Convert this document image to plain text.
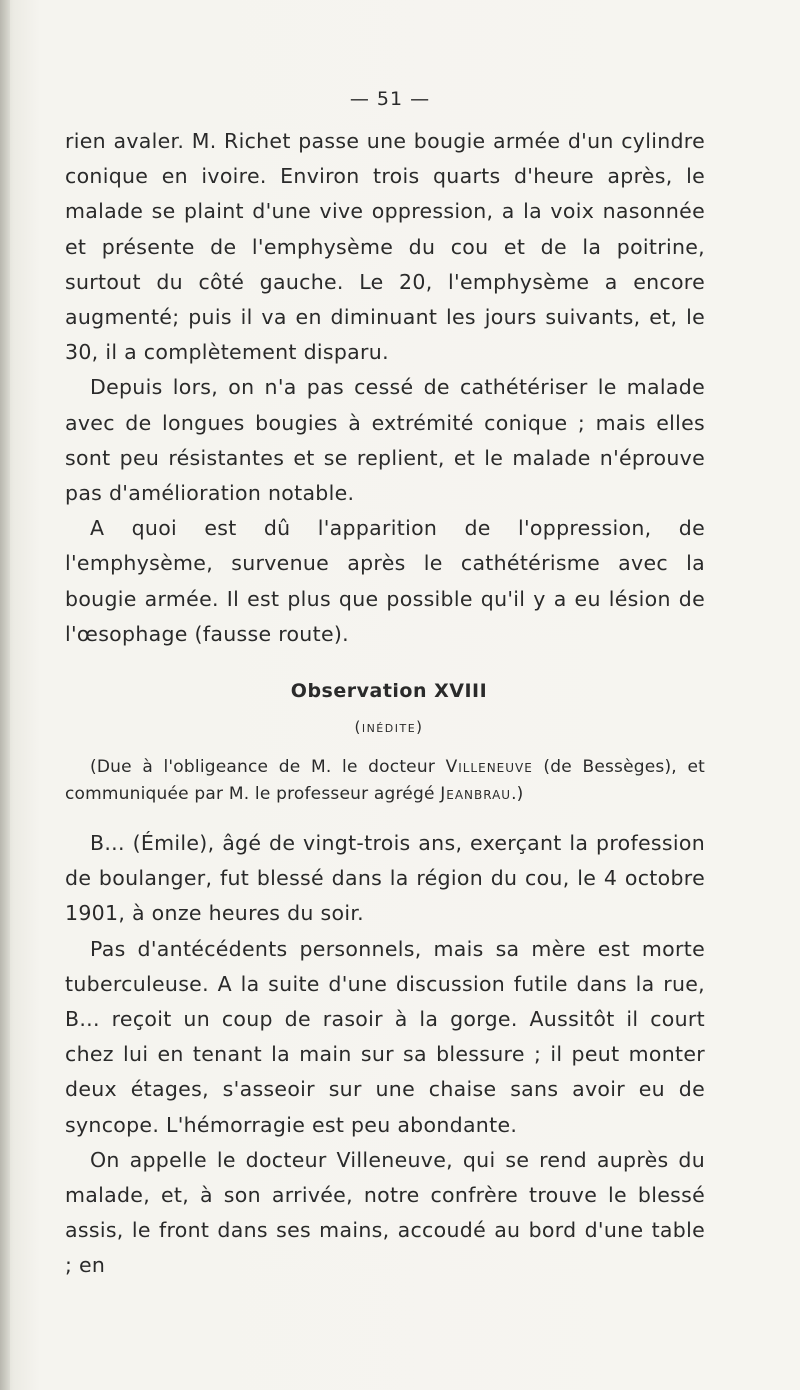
— 51 —

rien avaler. M. Richet passe une bougie armée d'un cylindre conique en ivoire. Environ trois quarts d'heure après, le malade se plaint d'une vive oppression, a la voix nasonnée et présente de l'emphysème du cou et de la poitrine, surtout du côté gauche. Le 20, l'emphysème a encore augmenté; puis il va en diminuant les jours suivants, et, le 30, il a complètement disparu.

Depuis lors, on n'a pas cessé de cathétériser le malade avec de longues bougies à extrémité conique ; mais elles sont peu résistantes et se replient, et le malade n'éprouve pas d'amélioration notable.

A quoi est dû l'apparition de l'oppression, de l'emphysème, survenue après le cathétérisme avec la bougie armée. Il est plus que possible qu'il y a eu lésion de l'œsophage (fausse route).

Observation XVIII
(inédite)

(Due à l'obligeance de M. le docteur Villeneuve (de Bessèges), et communiquée par M. le professeur agrégé Jeanbrau.)

B... (Émile), âgé de vingt-trois ans, exerçant la profession de boulanger, fut blessé dans la région du cou, le 4 octobre 1901, à onze heures du soir.

Pas d'antécédents personnels, mais sa mère est morte tuberculeuse. A la suite d'une discussion futile dans la rue, B... reçoit un coup de rasoir à la gorge. Aussitôt il court chez lui en tenant la main sur sa blessure ; il peut monter deux étages, s'asseoir sur une chaise sans avoir eu de syncope. L'hémorragie est peu abondante.

On appelle le docteur Villeneuve, qui se rend auprès du malade, et, à son arrivée, notre confrère trouve le blessé assis, le front dans ses mains, accoudé au bord d'une table ; en
